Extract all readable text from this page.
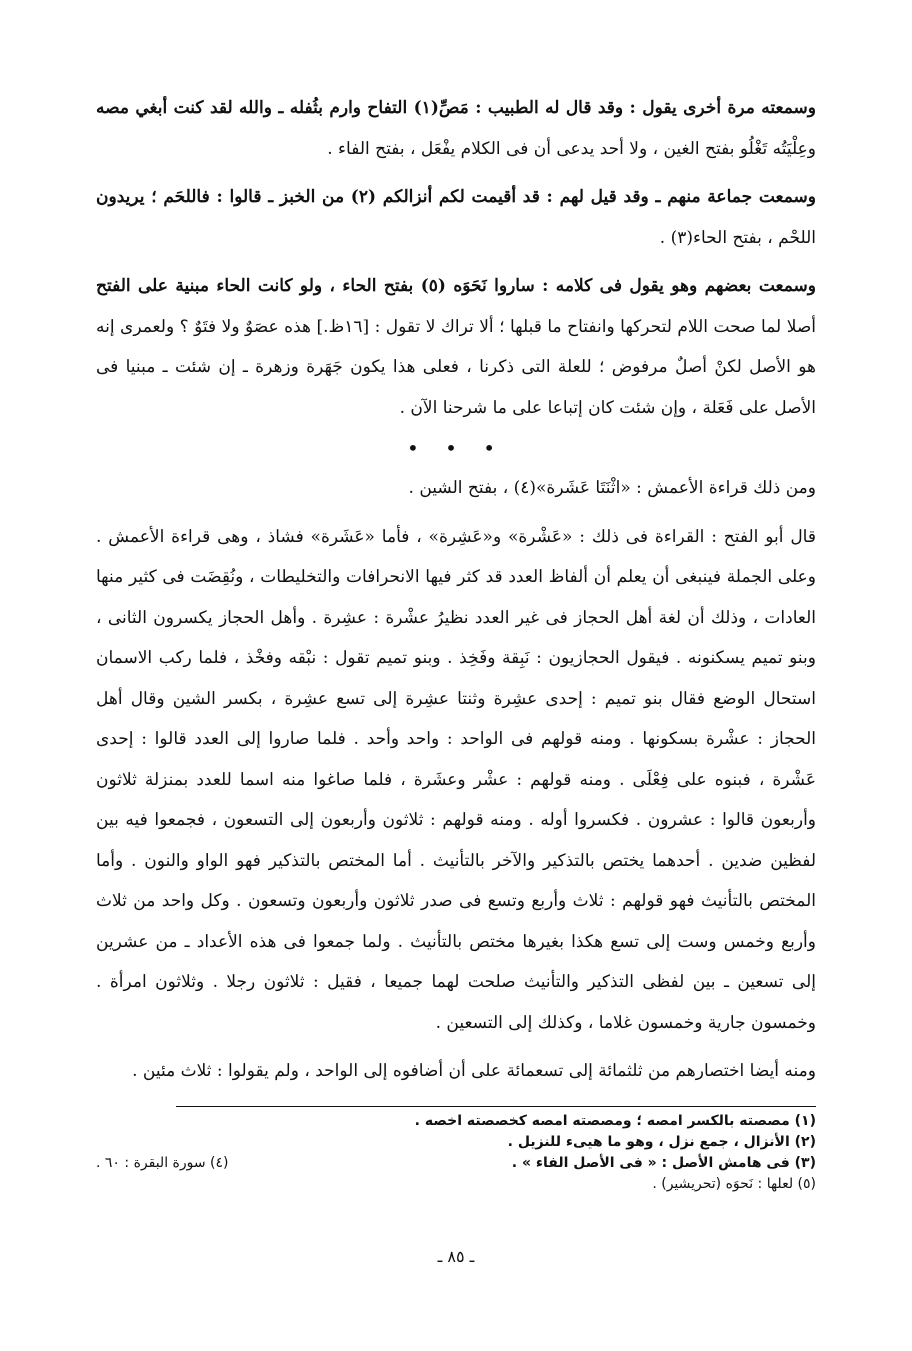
وسمعته مرة أخرى يقول : وقد قال له الطبيب : مَصِّ(١) التفاح وارم بثُفله ـ والله لقد كنت أبغي مصه وعِلْيَتُه تَغْلُو بفتح الغين ، ولا أحد يدعى أن فى الكلام يفْعَل ، بفتح الفاء .

وسمعت جماعة منهم ـ وقد قيل لهم : قد أقيمت لكم أنزالكم (٢) من الخبز ـ قالوا : فاللحَم ؛ يريدون اللحْم ، بفتح الحاء(٣) .

وسمعت بعضهم وهو يقول فى كلامه : ساروا نَحَوَه (٥) بفتح الحاء ، ولو كانت الحاء مبنية على الفتح أصلا لما صحت اللام لتحركها وانفتاح ما قبلها ؛ ألا تراك لا تقول : [١٦ظ.] هذه عصَوٌ ولا فتَوٌ ؟ ولعمرى إنه هو الأصل لكنْ أصلٌ مرفوض ؛ للعلة التى ذكرنا ، فعلى هذا يكون جَهَرة وزهرة ـ إن شئت ـ مبنيا فى الأصل على فَعَلة ، وإن شئت كان إتباعا على ما شرحنا الآن .

• • •

ومن ذلك قراءة الأعمش : «اثْنَتَا عَشَرة»(٤) ، بفتح الشين .

قال أبو الفتح : القراءة فى ذلك : «عَشْرة» و«عَشِرة» ، فأما «عَشَرة» فشاذ ، وهى قراءة الأعمش . وعلى الجملة فينبغى أن يعلم أن ألفاظ العدد قد كثر فيها الانحرافات والتخليطات ، ونُقِضَت فى كثير منها العادات ، وذلك أن لغة أهل الحجاز فى غير العدد نظيرُ عشْرة : عشِرة . وأهل الحجاز يكسرون الثانى ، وبنو تميم يسكنونه . فيقول الحجازيون : نَبِقة وفَخِذ . وبنو تميم تقول : نبْقه وفخْذ ، فلما ركب الاسمان استحال الوضع فقال بنو تميم : إحدى عشِرة وثنتا عشِرة إلى تسع عشِرة ، بكسر الشين وقال أهل الحجاز : عشْرة بسكونها . ومنه قولهم فى الواحد : واحد وأحد . فلما صاروا إلى العدد قالوا : إحدى عَشْرة ، فبنوه على فِعْلَى . ومنه قولهم : عشْر وعشَرة ، فلما صاغوا منه اسما للعدد بمنزلة ثلاثون وأربعون قالوا : عشرون . فكسروا أوله . ومنه قولهم : ثلاثون وأربعون إلى التسعون ، فجمعوا فيه بين لفظين ضدين . أحدهما يختص بالتذكير والآخر بالتأنيث . أما المختص بالتذكير فهو الواو والنون . وأما المختص بالتأنيث فهو قولهم : ثلاث وأربع وتسع فى صدر ثلاثون وأربعون وتسعون . وكل واحد من ثلاث وأربع وخمس وست إلى تسع هكذا بغيرها مختص بالتأنيث . ولما جمعوا فى هذه الأعداد ـ من عشرين إلى تسعين ـ بين لفظى التذكير والتأنيث صلحت لهما جميعا ، فقيل : ثلاثون رجلا . وثلاثون امرأة . وخمسون جارية وخمسون غلاما ، وكذلك إلى التسعين .

ومنه أيضا اختصارهم من ثلثمائة إلى تسعمائة على أن أضافوه إلى الواحد ، ولم يقولوا : ثلاث مئين .

(١) مصصته بالكسر امصه ؛ ومصصته امصه كخصصته اخصه .
(٢) الأنزال ، جمع نزل ، وهو ما هيىء للنزيل .
(٣) فى هامش الأصل : « فى الأصل الفاء » .
(٤) سورة البقرة : ٦٠ .
(٥) لعلها : نَحوَه (تحريشير) .
ـ ٨٥ ـ
